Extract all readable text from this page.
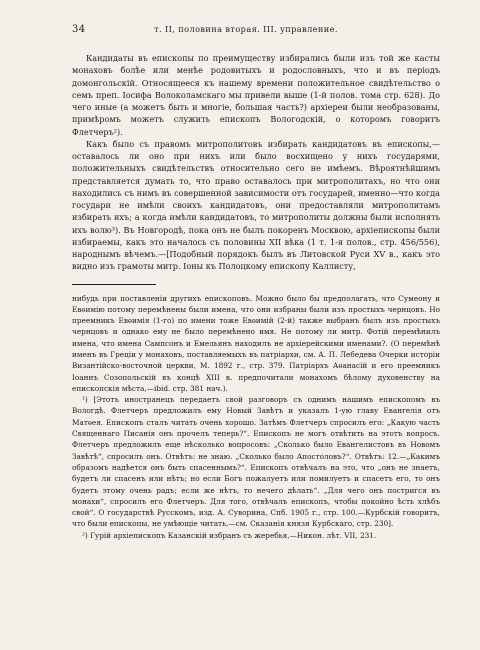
34	т. II, половина вторая. III. управление.

Кандидаты въ епископы по преимуществу избирались были изъ той же касты монаховъ болѣе или менѣе родовитыхъ и родословныхъ, что и въ періодъ домонгольскій. Относящееся къ нашему времени положительное свидѣтельство о семъ преп. Іосифа Волоколамскаго мы привели выше (1-й полов. тома стр. 628). До чего иные (а можетъ быть и многіе, большая часть?) архіереи были необразованы, примѣромъ можетъ служить епископъ Вологодскій, о которомъ говоритъ Флетчеръ²).

Какъ было съ правомъ митрополитовъ избирать кандидатовъ въ епископы,—оставалось ли оно при нихъ или было восхищено у нихъ государями, положительныхъ свидѣтельствъ относительно сего не имѣемъ. Вѣроятнѣйшимъ представляется думать то, что право оставалось при митрополитахъ, но что они находились съ нимъ въ совершенной зависимости отъ государей, именно—что когда государи не имѣли своихъ кандидатовъ, они предоставляли митрополитамъ избирать ихъ; а когда имѣли кандидатовъ, то митрополиты должны были исполнять ихъ волю³). Въ Новгородѣ, пока онъ не былъ покоренъ Москвою, архіепископы были избираемы, какъ это началось съ половины XII вѣка (1 т. 1-я полов., стр. 456/556), народнымъ вѣчемъ.—[Подобный порядокъ былъ въ Литовской Руси XV в., какъ это видно изъ грамоты митр. Іоны къ Полоцкому епископу Каллисту,

нибудь при поставленіи другихъ епископовъ. Можно было бы предполагать, что Сумеону и Евѳимію потому перемѣнены были имена, что они избраны были изъ простыхъ чернцовъ. Но преемникъ Евѳимія (1-го) по имени тоже Евѳимій (2-й) также выбранъ былъ изъ простыхъ чернцовъ и однако ему не было перемѣнено имя. Не потому ли митр. Фотій перемѣнилъ имена, что имена Сампсонъ и Емельянъ находилъ не архіерейскими именами?. (О перемѣнѣ именъ въ Греціи у монаховъ, поставляемыхъ въ патріархи, см. А. П. Лебедева Очерки исторіи Византійско-восточной церкви, М. 1892 г., стр. 379. Патріархъ Аѳанасій и его преемникъ Іоаннъ Созопольскій въ концѣ XIII в. предпочитали монахомъ бѣлому духовенству на епископскія мѣста,—ibid. стр. 381 нач.).

¹) [Этотъ иностранецъ передаетъ свой разговоръ съ однимъ нашимъ епископомъ въ Вологдѣ. Флетчеръ предложилъ ему Новый Завѣтъ и указалъ 1-ую главу Евангелія отъ Матѳея. Епископъ сталъ читать очень хорошо. Затѣмъ Флетчеръ спросилъ его: „Какую часть Священнаго Писанія онъ прочелъ теперь?“. Епископъ не могъ отвѣтить на этотъ вопросъ. Флетчеръ предложилъ еще нѣсколько вопросовъ: „Сколько было Евангелистовъ въ Новомъ Завѣтѣ“, спросилъ онъ. Отвѣтъ: не знаю. „Сколько было Апостоловъ?“. Отвѣтъ: 12.—„Какимъ образомъ надѣется онъ быть спасеннымъ?“. Епископъ отвѣчалъ на это, что „онъ не знаетъ, будетъ ли спасенъ или нѣтъ; но если Богъ пожалуетъ или помилуетъ и спасетъ его, то онъ будетъ этому очень радъ; если же нѣтъ, то нечего дѣлать“. „Для чего онъ постригся въ монахи“, спросилъ его Флетчеръ. Для того, отвѣчалъ епископъ, чтобы покойно ѣсть хлѣбъ свой“. О государствѣ Русскомъ, изд. А. Суворина, Спб. 1905 г., стр. 100.—Курбскій говоритъ, что были епископы, не умѣющіе читать,—см. Сказанія князя Курбскаго, стр. 230].

²) Гурій архіепископъ Казанскій избранъ съ жеребья,—Никон. лѣт. VII, 231.
